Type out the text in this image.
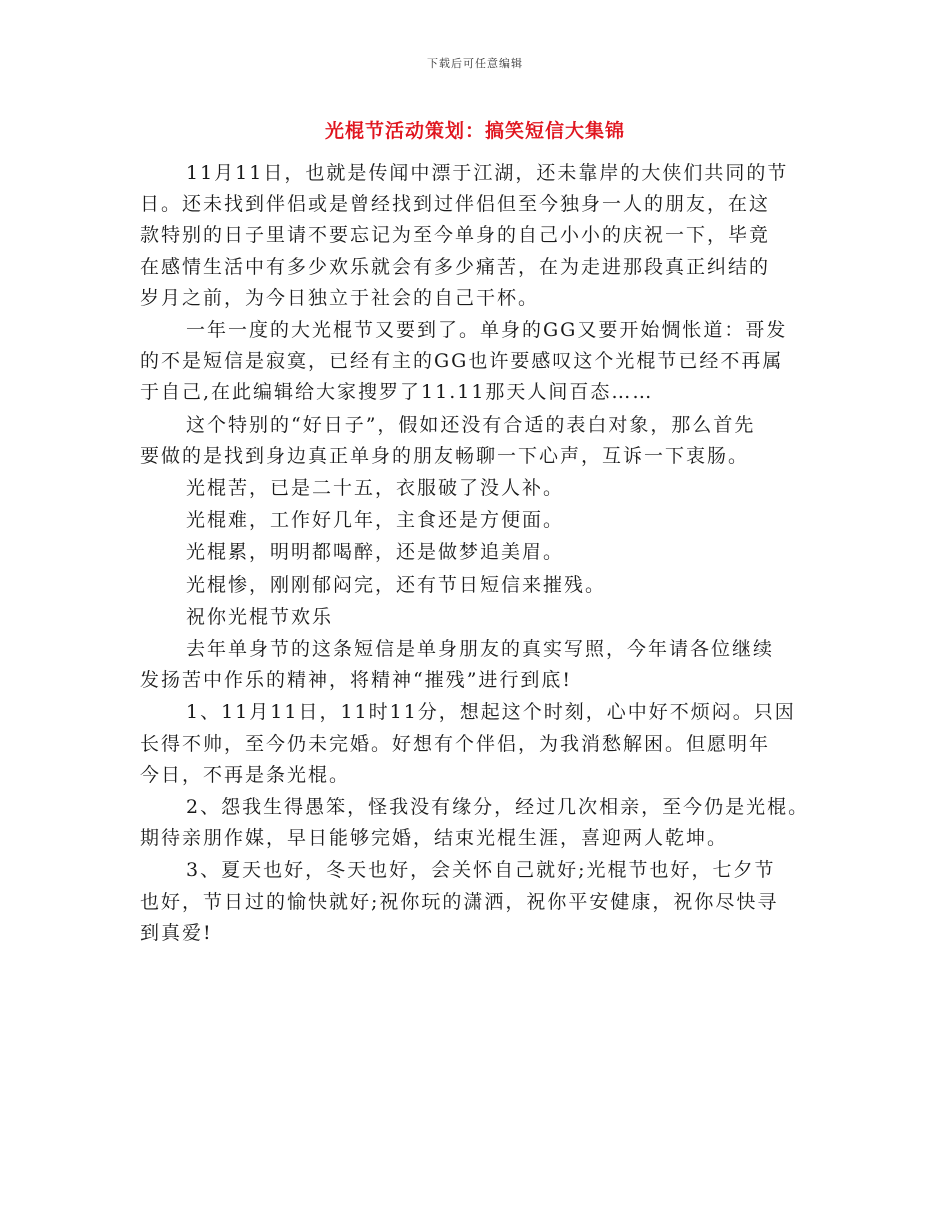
下载后可任意编辑
光棍节活动策划：搞笑短信大集锦

11月11日，也就是传闻中漂于江湖，还未靠岸的大侠们共同的节
日。还未找到伴侣或是曾经找到过伴侣但至今独身一人的朋友，在这
款特别的日子里请不要忘记为至今单身的自己小小的庆祝一下，毕竟
在感情生活中有多少欢乐就会有多少痛苦，在为走进那段真正纠结的
岁月之前，为今日独立于社会的自己干杯。

一年一度的大光棍节又要到了。单身的GG又要开始惆怅道：哥发
的不是短信是寂寞，已经有主的GG也许要感叹这个光棍节已经不再属
于自己,在此编辑给大家搜罗了11.11那天人间百态……

这个特别的“好日子”，假如还没有合适的表白对象，那么首先
要做的是找到身边真正单身的朋友畅聊一下心声，互诉一下衷肠。

光棍苦，已是二十五，衣服破了没人补。

光棍难，工作好几年，主食还是方便面。

光棍累，明明都喝醉，还是做梦追美眉。

光棍惨，刚刚郁闷完，还有节日短信来摧残。

祝你光棍节欢乐

去年单身节的这条短信是单身朋友的真实写照，今年请各位继续
发扬苦中作乐的精神，将精神“摧残”进行到底!

1、11月11日，11时11分，想起这个时刻，心中好不烦闷。只因
长得不帅，至今仍未完婚。好想有个伴侣，为我消愁解困。但愿明年
今日，不再是条光棍。

2、怨我生得愚笨，怪我没有缘分，经过几次相亲，至今仍是光棍。
期待亲朋作媒，早日能够完婚，结束光棍生涯，喜迎两人乾坤。

3、夏天也好，冬天也好，会关怀自己就好;光棍节也好，七夕节
也好，节日过的愉快就好;祝你玩的潇洒，祝你平安健康，祝你尽快寻
到真爱!
